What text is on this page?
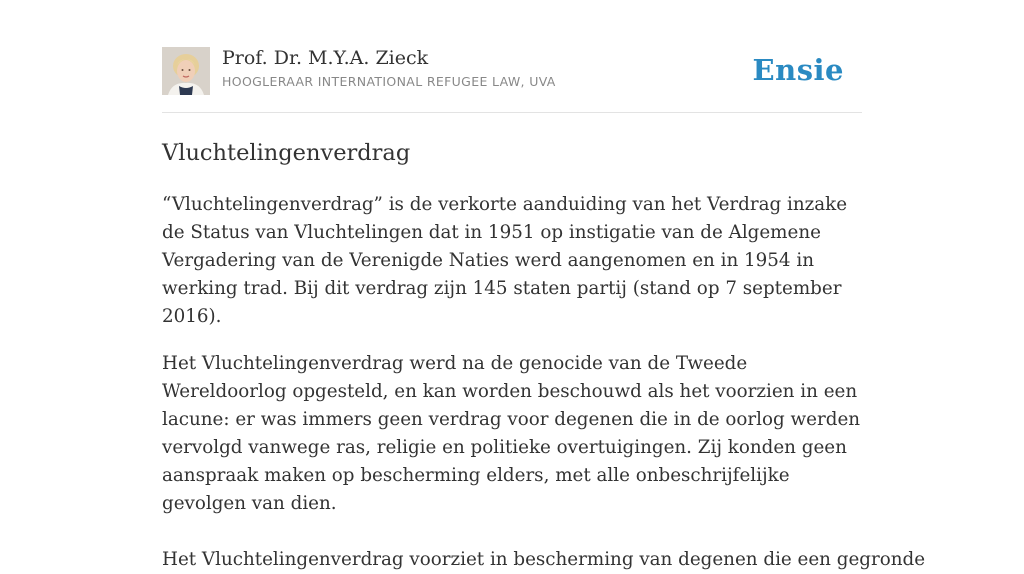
Prof. Dr. M.Y.A. Zieck
HOOGLERAAR INTERNATIONAL REFUGEE LAW, UVA	Ensie
Vluchtelingenverdrag

“Vluchtelingenverdrag” is de verkorte aanduiding van het Verdrag inzake de Status van Vluchtelingen dat in 1951 op instigatie van de Algemene Vergadering van de Verenigde Naties werd aangenomen en in 1954 in werking trad. Bij dit verdrag zijn 145 staten partij (stand op 7 september 2016).

Het Vluchtelingenverdrag werd na de genocide van de Tweede Wereldoorlog opgesteld, en kan worden beschouwd als het voorzien in een lacune: er was immers geen verdrag voor degenen die in de oorlog werden vervolgd vanwege ras, religie en politieke overtuigingen. Zij konden geen aanspraak maken op bescherming elders, met alle onbeschrijfelijke gevolgen van dien.

Het Vluchtelingenverdrag voorziet in bescherming van degenen die een gegronde
